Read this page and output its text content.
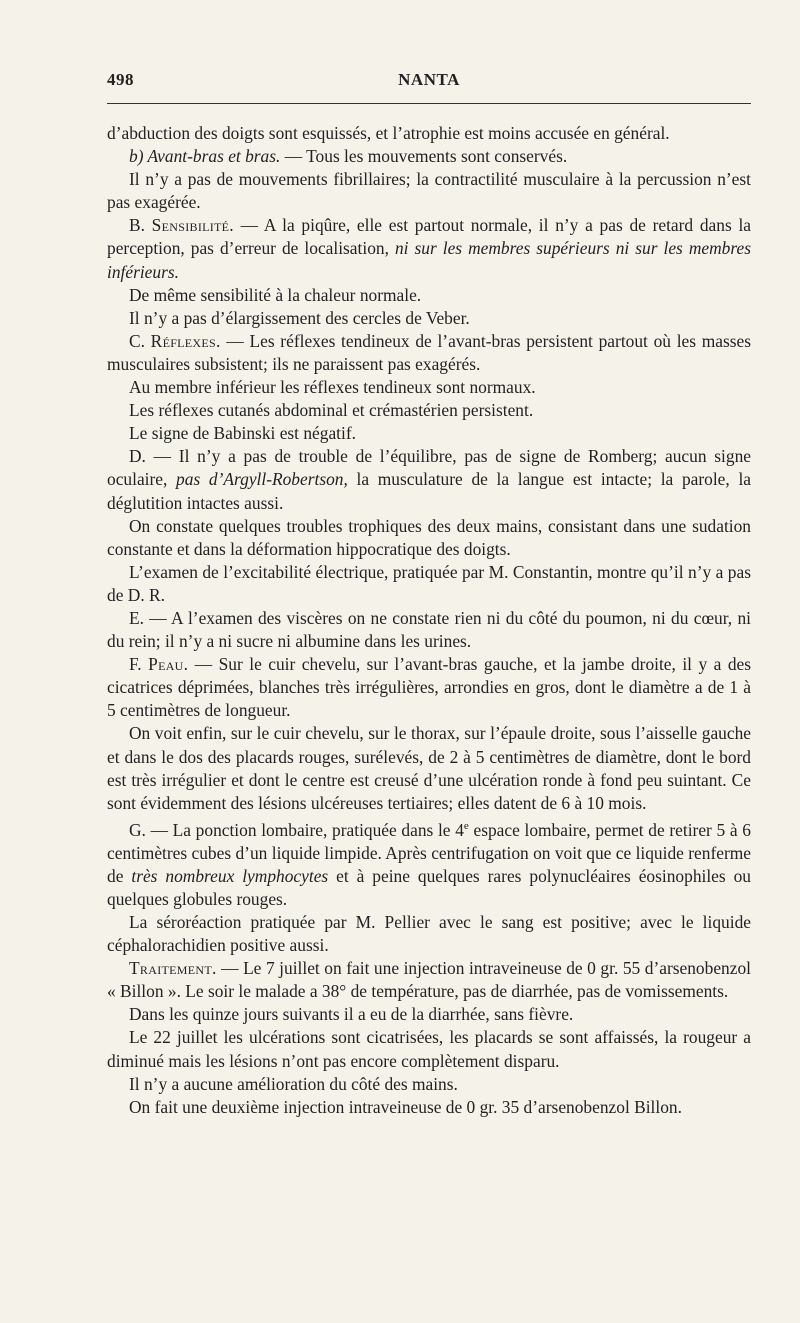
498	NANTA

d’abduction des doigts sont esquissés, et l’atrophie est moins accusée en général.

b) Avant-bras et bras. — Tous les mouvements sont conservés.

Il n’y a pas de mouvements fibrillaires; la contractilité musculaire à la percussion n’est pas exagérée.

B. Sensibilité. — A la piqûre, elle est partout normale, il n’y a pas de retard dans la perception, pas d’erreur de localisation, ni sur les membres supérieurs ni sur les membres inférieurs.

De même sensibilité à la chaleur normale.

Il n’y a pas d’élargissement des cercles de Veber.

C. Réflexes. — Les réflexes tendineux de l’avant-bras persistent partout où les masses musculaires subsistent; ils ne paraissent pas exagérés.

Au membre inférieur les réflexes tendineux sont normaux.

Les réflexes cutanés abdominal et crémastérien persistent.

Le signe de Babinski est négatif.

D. — Il n’y a pas de trouble de l’équilibre, pas de signe de Romberg; aucun signe oculaire, pas d’Argyll-Robertson, la musculature de la langue est intacte; la parole, la déglutition intactes aussi.

On constate quelques troubles trophiques des deux mains, consistant dans une sudation constante et dans la déformation hippocratique des doigts.

L’examen de l’excitabilité électrique, pratiquée par M. Constantin, montre qu’il n’y a pas de D. R.

E. — A l’examen des viscères on ne constate rien ni du côté du poumon, ni du cœur, ni du rein; il n’y a ni sucre ni albumine dans les urines.

F. Peau. — Sur le cuir chevelu, sur l’avant-bras gauche, et la jambe droite, il y a des cicatrices déprimées, blanches très irrégulières, arrondies en gros, dont le diamètre a de 1 à 5 centimètres de longueur.

On voit enfin, sur le cuir chevelu, sur le thorax, sur l’épaule droite, sous l’aisselle gauche et dans le dos des placards rouges, surélevés, de 2 à 5 centimètres de diamètre, dont le bord est très irrégulier et dont le centre est creusé d’une ulcération ronde à fond peu suintant. Ce sont évidemment des lésions ulcéreuses tertiaires; elles datent de 6 à 10 mois.

G. — La ponction lombaire, pratiquée dans le 4e espace lombaire, permet de retirer 5 à 6 centimètres cubes d’un liquide limpide. Après centrifugation on voit que ce liquide renferme de très nombreux lymphocytes et à peine quelques rares polynucléaires éosinophiles ou quelques globules rouges.

La séroréaction pratiquée par M. Pellier avec le sang est positive; avec le liquide céphalorachidien positive aussi.

Traitement. — Le 7 juillet on fait une injection intraveineuse de 0 gr. 55 d’arsenobenzol « Billon ». Le soir le malade a 38° de température, pas de diarrhée, pas de vomissements.

Dans les quinze jours suivants il a eu de la diarrhée, sans fièvre.

Le 22 juillet les ulcérations sont cicatrisées, les placards se sont affaissés, la rougeur a diminué mais les lésions n’ont pas encore complètement disparu.

Il n’y a aucune amélioration du côté des mains.

On fait une deuxième injection intraveineuse de 0 gr. 35 d’arsenobenzol Billon.
